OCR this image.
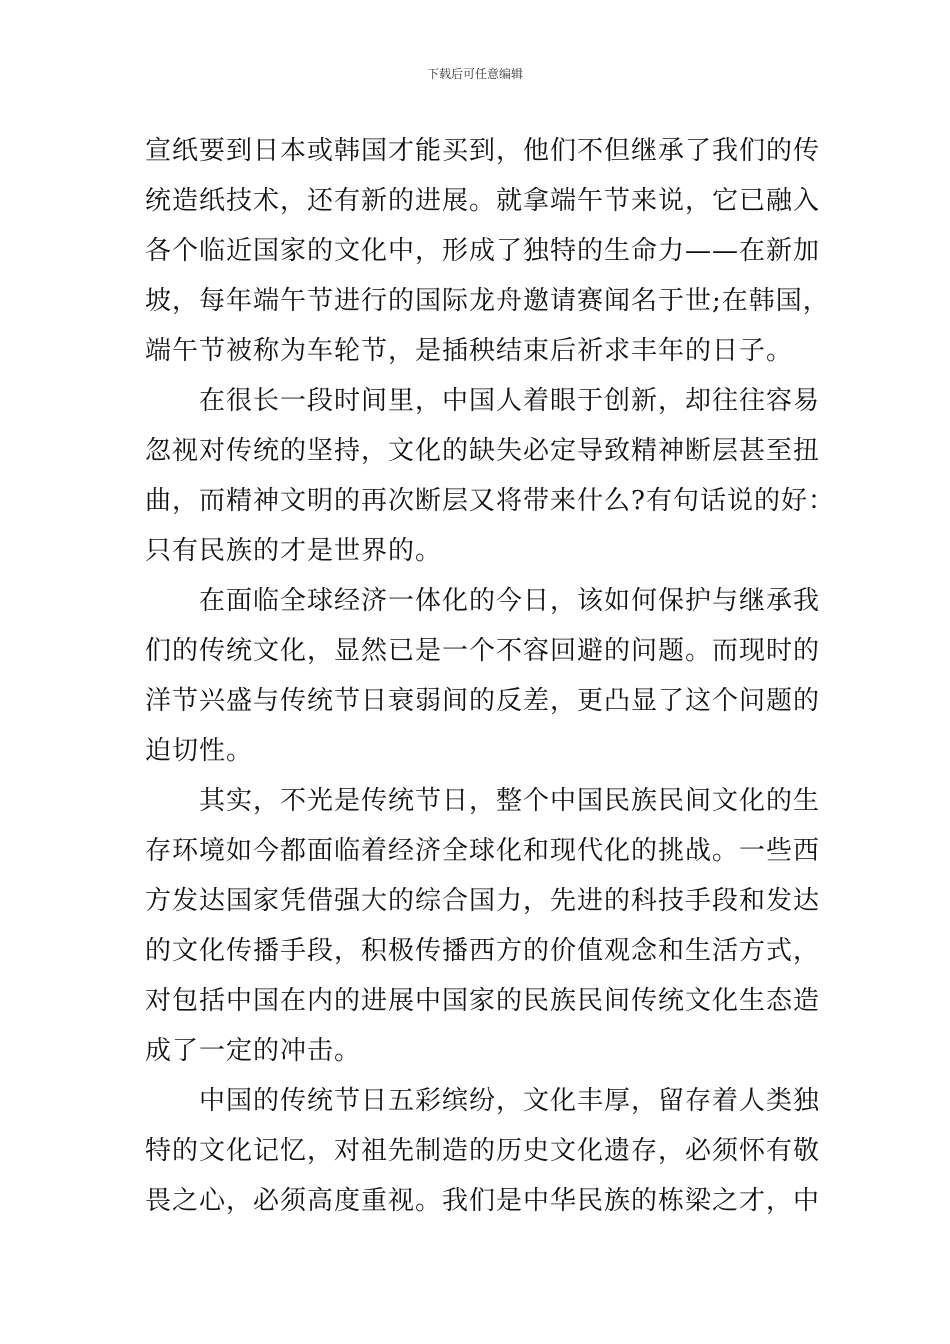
下载后可任意编辑

宣纸要到日本或韩国才能买到，他们不但继承了我们的传
统造纸技术，还有新的进展。就拿端午节来说，它已融入
各个临近国家的文化中，形成了独特的生命力——在新加
坡，每年端午节进行的国际龙舟邀请赛闻名于世;在韩国，
端午节被称为车轮节，是插秧结束后祈求丰年的日子。

在很长一段时间里，中国人着眼于创新，却往往容易
忽视对传统的坚持，文化的缺失必定导致精神断层甚至扭
曲，而精神文明的再次断层又将带来什么?有句话说的好：
只有民族的才是世界的。

在面临全球经济一体化的今日，该如何保护与继承我
们的传统文化，显然已是一个不容回避的问题。而现时的
洋节兴盛与传统节日衰弱间的反差，更凸显了这个问题的
迫切性。

其实，不光是传统节日，整个中国民族民间文化的生
存环境如今都面临着经济全球化和现代化的挑战。一些西
方发达国家凭借强大的综合国力，先进的科技手段和发达
的文化传播手段，积极传播西方的价值观念和生活方式，
对包括中国在内的进展中国家的民族民间传统文化生态造
成了一定的冲击。

中国的传统节日五彩缤纷，文化丰厚，留存着人类独
特的文化记忆，对祖先制造的历史文化遗存，必须怀有敬
畏之心，必须高度重视。我们是中华民族的栋梁之才，中
